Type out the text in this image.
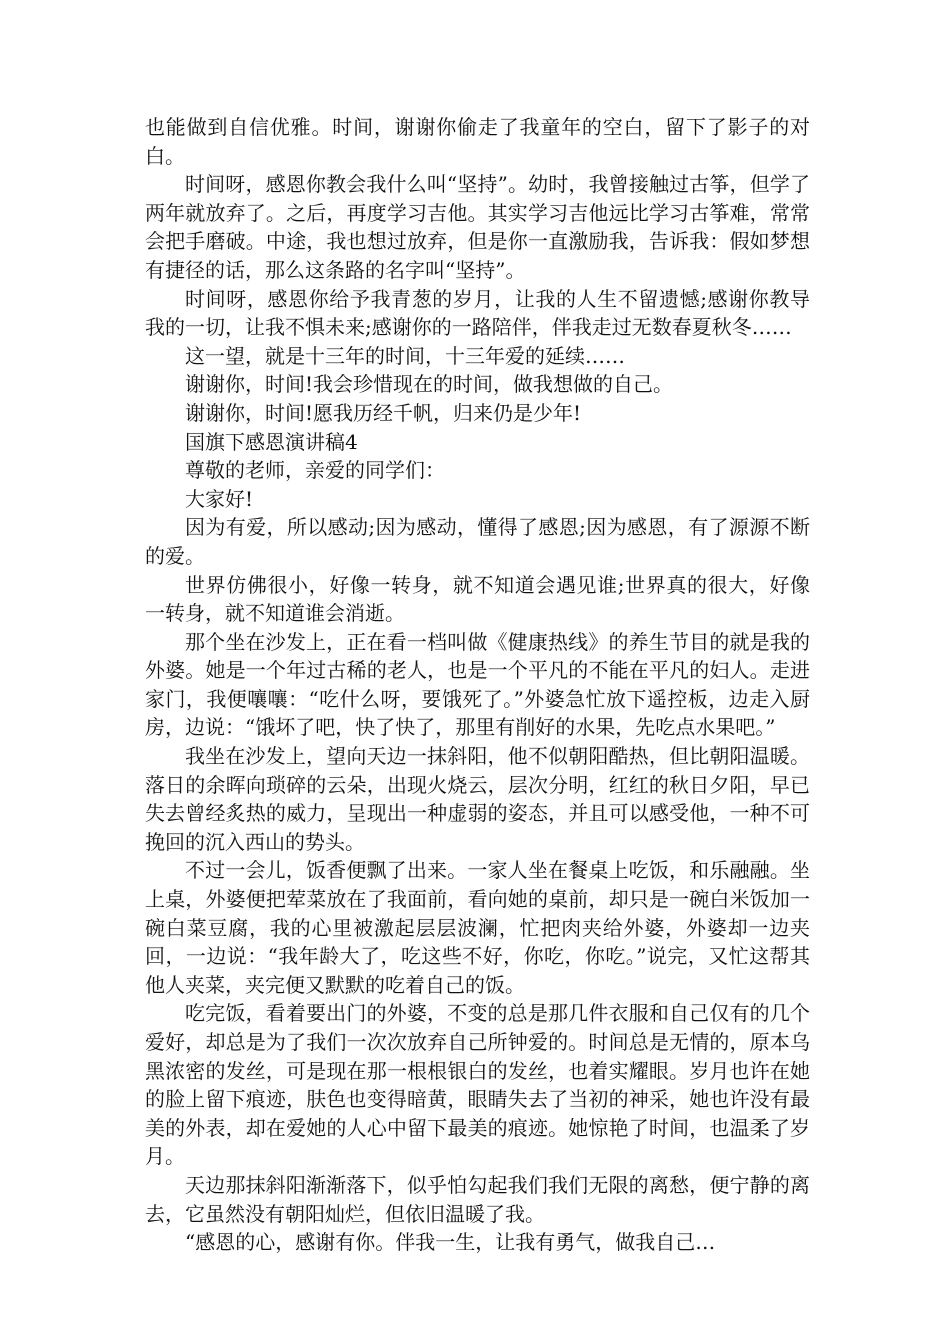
也能做到自信优雅。时间，谢谢你偷走了我童年的空白，留下了影子的对白。

时间呀，感恩你教会我什么叫“坚持”。幼时，我曾接触过古筝，但学了两年就放弃了。之后，再度学习吉他。其实学习吉他远比学习古筝难，常常会把手磨破。中途，我也想过放弃，但是你一直激励我，告诉我：假如梦想有捷径的话，那么这条路的名字叫“坚持”。

时间呀，感恩你给予我青葱的岁月，让我的人生不留遗憾;感谢你教导我的一切，让我不惧未来;感谢你的一路陪伴，伴我走过无数春夏秋冬……

这一望，就是十三年的时间，十三年爱的延续……

谢谢你，时间!我会珍惜现在的时间，做我想做的自己。

谢谢你，时间!愿我历经千帆，归来仍是少年!

国旗下感恩演讲稿4

尊敬的老师，亲爱的同学们：

大家好!

因为有爱，所以感动;因为感动，懂得了感恩;因为感恩，有了源源不断的爱。

世界仿佛很小，好像一转身，就不知道会遇见谁;世界真的很大，好像一转身，就不知道谁会消逝。

那个坐在沙发上，正在看一档叫做《健康热线》的养生节目的就是我的外婆。她是一个年过古稀的老人，也是一个平凡的不能在平凡的妇人。走进家门，我便嚷嚷：“吃什么呀，要饿死了。”外婆急忙放下遥控板，边走入厨房，边说：“饿坏了吧，快了快了，那里有削好的水果，先吃点水果吧。”

我坐在沙发上，望向天边一抹斜阳，他不似朝阳酷热，但比朝阳温暖。落日的余晖向琐碎的云朵，出现火烧云，层次分明，红红的秋日夕阳，早已失去曾经炙热的威力，呈现出一种虚弱的姿态，并且可以感受他，一种不可挽回的沉入西山的势头。

不过一会儿，饭香便飘了出来。一家人坐在餐桌上吃饭，和乐融融。坐上桌，外婆便把荤菜放在了我面前，看向她的桌前，却只是一碗白米饭加一碗白菜豆腐，我的心里被激起层层波澜，忙把肉夹给外婆，外婆却一边夹回，一边说：“我年龄大了，吃这些不好，你吃，你吃。”说完，又忙这帮其他人夹菜，夹完便又默默的吃着自己的饭。

吃完饭，看着要出门的外婆，不变的总是那几件衣服和自己仅有的几个爱好，却总是为了我们一次次放弃自己所钟爱的。时间总是无情的，原本乌黑浓密的发丝，可是现在那一根根银白的发丝，也着实耀眼。岁月也许在她的脸上留下痕迹，肤色也变得暗黄，眼睛失去了当初的神采，她也许没有最美的外表，却在爱她的人心中留下最美的痕迹。她惊艳了时间，也温柔了岁月。

天边那抹斜阳渐渐落下，似乎怕勾起我们我们无限的离愁，便宁静的离去，它虽然没有朝阳灿烂，但依旧温暖了我。

“感恩的心，感谢有你。伴我一生，让我有勇气，做我自己…
